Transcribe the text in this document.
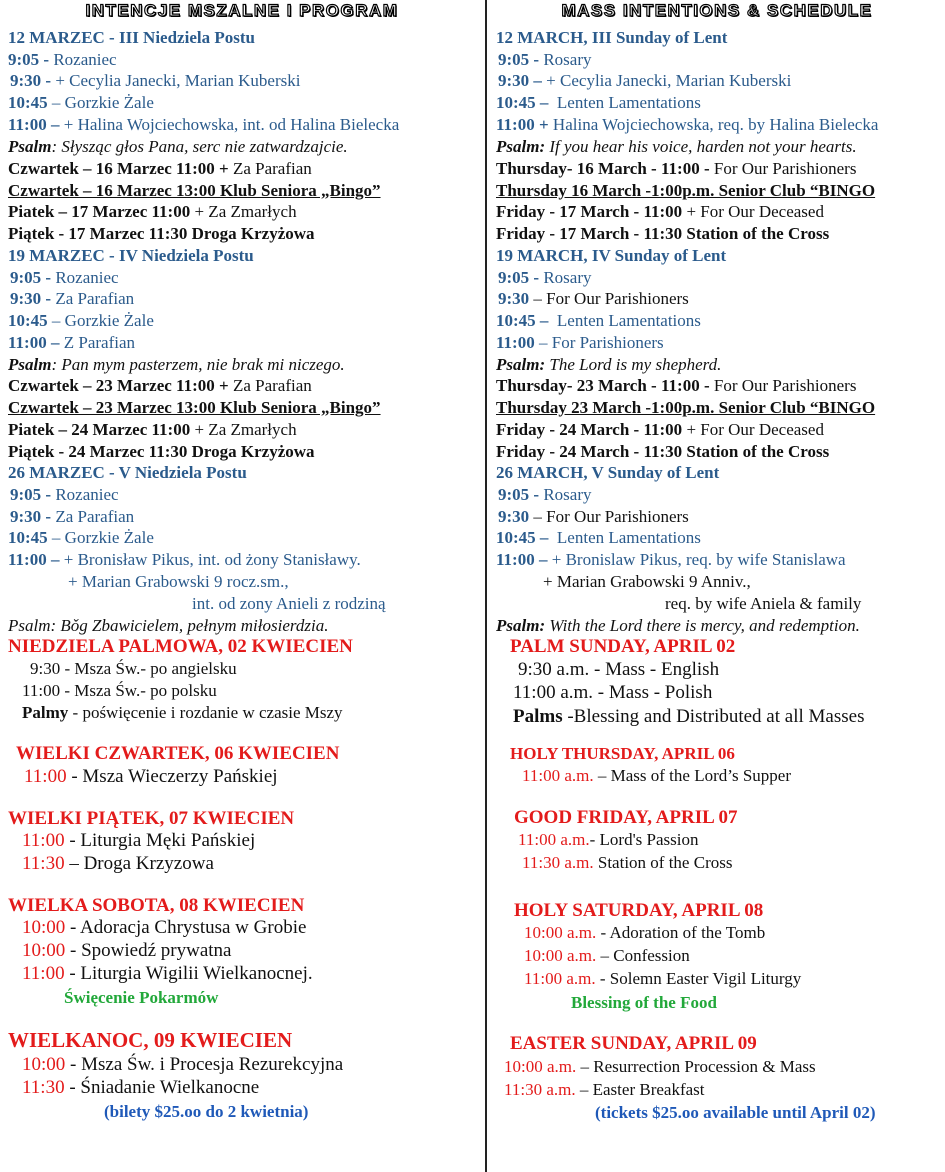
INTENCJE MSZALNE I PROGRAM
12 MARZEC - III Niedziela Postu
9:05 - Rozaniec
9:30 - + Cecylia Janecki, Marian Kuberski
10:45 – Gorzkie Żale
11:00 – + Halina Wojciechowska, int. od Halina Bielecka
Psalm: Słysząc głos Pana, serc nie zatwardzajcie.
Czwartek – 16 Marzec 11:00 + Za Parafian
Czwartek – 16 Marzec 13:00 Klub Seniora „Bingo”
Piatek – 17 Marzec 11:00 + Za Zmarłych
Piątek - 17 Marzec 11:30 Droga Krzyżowa
19 MARZEC - IV Niedziela Postu
9:05 - Rozaniec
9:30 - Za Parafian
10:45 – Gorzkie Żale
11:00 – Z Parafian
Psalm: Pan mym pasterzem, nie brak mi niczego.
Czwartek – 23 Marzec 11:00 + Za Parafian
Czwartek – 23 Marzec 13:00 Klub Seniora „Bingo”
Piatek – 24 Marzec 11:00 + Za Zmarłych
Piątek - 24 Marzec 11:30 Droga Krzyżowa
26 MARZEC - V Niedziela Postu
9:05 - Rozaniec
9:30 - Za Parafian
10:45 – Gorzkie Żale
11:00 – + Bronisław Pikus, int. od żony Stanisławy.
+ Marian Grabowski 9 rocz.sm.,
int. od zony Anieli z rodziną
Psalm: Bǒg Zbawicielem, pełnym miłosierdzia.
NIEDZIELA PALMOWA, 02 KWIECIEN
9:30 - Msza Św.- po angielsku
11:00 - Msza Św.- po polsku
Palmy - poświęcenie i rozdanie w czasie Mszy
WIELKI CZWARTEK, 06 KWIECIEN
11:00 - Msza Wieczerzy Pańskiej
WIELKI PIĄTEK, 07 KWIECIEN
11:00 - Liturgia Męki Pańskiej
11:30 – Droga Krzyzowa
WIELKA SOBOTA, 08 KWIECIEN
10:00 - Adoracja Chrystusa w Grobie
10:00 - Spowiedź prywatna
11:00 - Liturgia Wigilii Wielkanocnej.
Święcenie Pokarmów
WIELKANOC, 09 KWIECIEN
10:00 - Msza Św. i Procesja Rezurekcyjna
11:30 - Śniadanie Wielkanocne
(bilety $25.oo do 2 kwietnia)
MASS INTENTIONS & SCHEDULE
12 MARCH, III Sunday of Lent
9:05 - Rosary
9:30 – + Cecylia Janecki, Marian Kuberski
10:45 – Lenten Lamentations
11:00 + Halina Wojciechowska, req. by Halina Bielecka
Psalm: If you hear his voice, harden not your hearts.
Thursday- 16 March - 11:00 - For Our Parishioners
Thursday 16 March -1:00p.m. Senior Club “BINGO
Friday - 17 March - 11:00 + For Our Deceased
Friday - 17 March - 11:30 Station of the Cross
19 MARCH, IV Sunday of Lent
9:05 - Rosary
9:30 – For Our Parishioners
10:45 – Lenten Lamentations
11:00 – For Parishioners
Psalm: The Lord is my shepherd.
Thursday- 23 March - 11:00 - For Our Parishioners
Thursday 23 March -1:00p.m. Senior Club “BINGO
Friday - 24 March - 11:00 + For Our Deceased
Friday - 24 March - 11:30 Station of the Cross
26 MARCH, V Sunday of Lent
9:05 - Rosary
9:30 – For Our Parishioners
10:45 – Lenten Lamentations
11:00 – + Bronislaw Pikus, req. by wife Stanislawa
+ Marian Grabowski 9 Anniv.,
req. by wife Aniela & family
Psalm: With the Lord there is mercy, and redemption.
PALM SUNDAY, APRIL 02
9:30 a.m. - Mass - English
11:00 a.m. - Mass - Polish
Palms -Blessing and Distributed at all Masses
HOLY THURSDAY, APRIL 06
11:00 a.m. – Mass of the Lord’s Supper
GOOD FRIDAY, APRIL 07
11:00 a.m.- Lord's Passion
11:30 a.m. Station of the Cross
HOLY SATURDAY, APRIL 08
10:00 a.m. - Adoration of the Tomb
10:00 a.m. – Confession
11:00 a.m. - Solemn Easter Vigil Liturgy
Blessing of the Food
EASTER SUNDAY, APRIL 09
10:00 a.m. – Resurrection Procession & Mass
11:30 a.m. – Easter Breakfast
(tickets $25.oo available until April 02)
